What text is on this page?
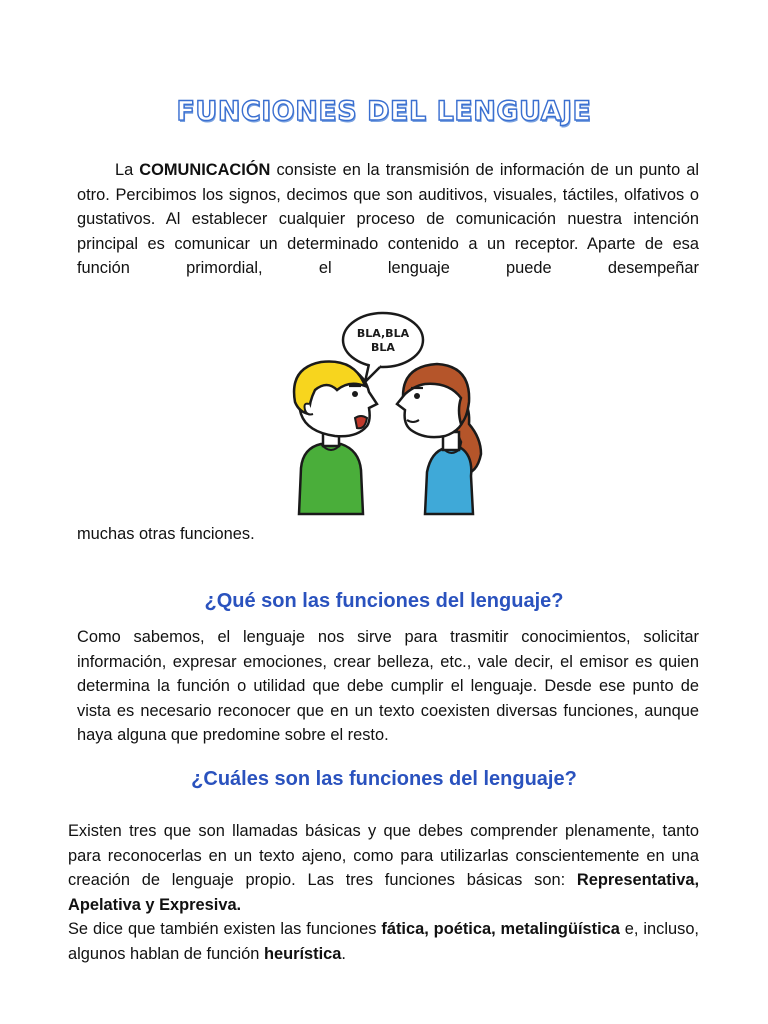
FUNCIONES DEL LENGUAJE

La COMUNICACIÓN consiste en la transmisión de información de un punto al otro. Percibimos los signos, decimos que son auditivos, visuales, táctiles, olfativos o gustativos. Al establecer cualquier proceso de comunicación nuestra intención principal es comunicar un determinado contenido a un receptor. Aparte de esa función primordial, el lenguaje puede desempeñar

BLA,BLA
BLA

muchas otras funciones.

¿Qué son las funciones del lenguaje?

Como sabemos, el lenguaje nos sirve para trasmitir conocimientos, solicitar información, expresar emociones, crear belleza, etc., vale decir, el emisor es quien determina la función o utilidad que debe cumplir el lenguaje. Desde ese punto de vista es necesario reconocer que en un texto coexisten diversas funciones, aunque haya alguna que predomine sobre el resto.

¿Cuáles son las funciones del lenguaje?

Existen tres que son llamadas básicas y que debes comprender plenamente, tanto para reconocerlas en un texto ajeno, como para utilizarlas conscientemente en una creación de lenguaje propio. Las tres funciones básicas son: Representativa, Apelativa y Expresiva.
Se dice que también existen las funciones fática, poética, metalingüística e, incluso, algunos hablan de función heurística.
